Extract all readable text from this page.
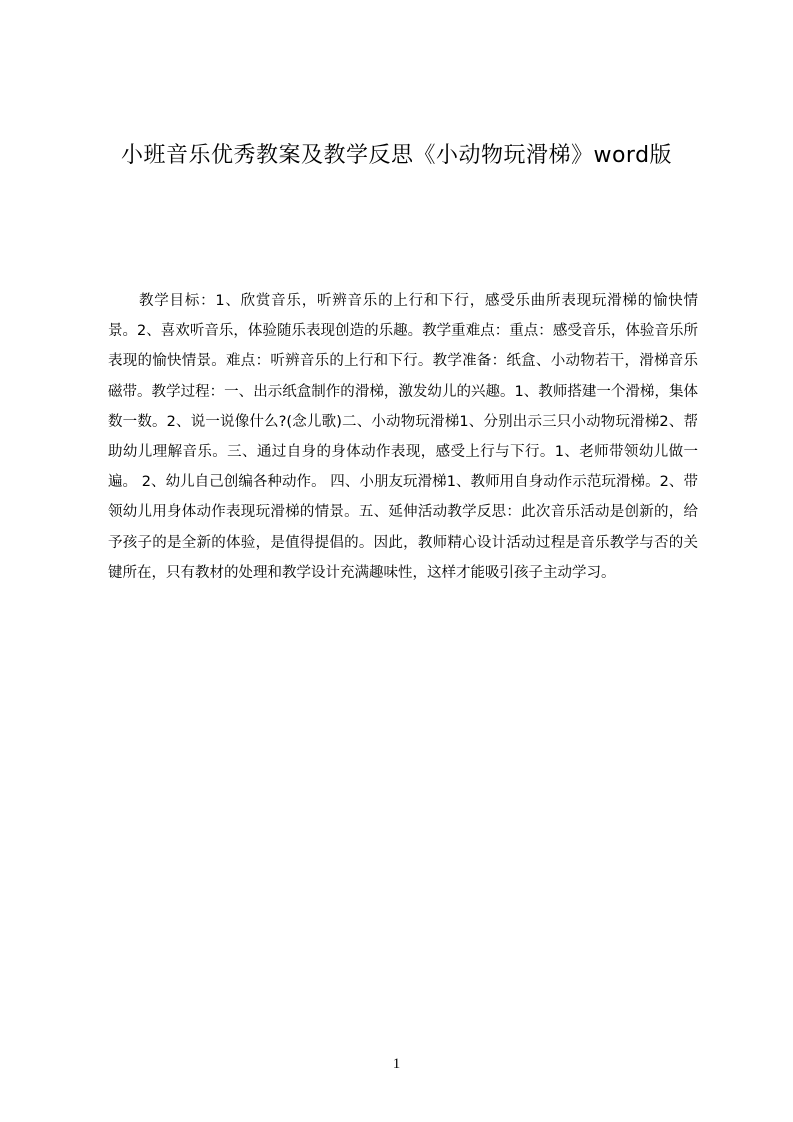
小班音乐优秀教案及教学反思《小动物玩滑梯》word版

教学目标：1、欣赏音乐，听辨音乐的上行和下行，感受乐曲所表现玩滑梯的愉快情景。2、喜欢听音乐，体验随乐表现创造的乐趣。教学重难点：重点：感受音乐，体验音乐所表现的愉快情景。难点：听辨音乐的上行和下行。教学准备：纸盒、小动物若干，滑梯音乐磁带。教学过程：一、出示纸盒制作的滑梯，激发幼儿的兴趣。1、教师搭建一个滑梯，集体数一数。2、说一说像什么?(念儿歌)二、小动物玩滑梯1、分别出示三只小动物玩滑梯2、帮助幼儿理解音乐。三、通过自身的身体动作表现，感受上行与下行。1、老师带领幼儿做一遍。 2、幼儿自己创编各种动作。 四、小朋友玩滑梯1、教师用自身动作示范玩滑梯。2、带领幼儿用身体动作表现玩滑梯的情景。五、延伸活动教学反思：此次音乐活动是创新的，给予孩子的是全新的体验，是值得提倡的。因此，教师精心设计活动过程是音乐教学与否的关键所在，只有教材的处理和教学设计充满趣味性，这样才能吸引孩子主动学习。

1
